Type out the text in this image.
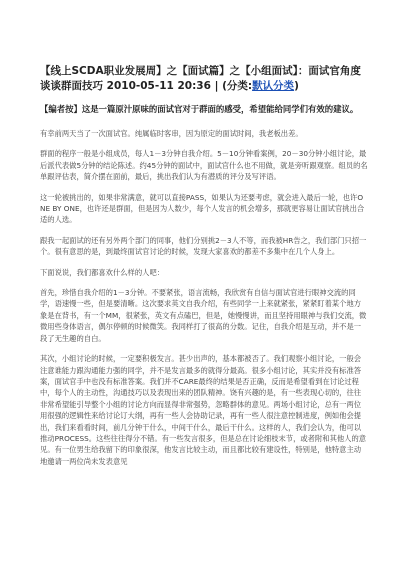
【线上SCDA职业发展周】之【面试篇】之【小组面试】：面试官角度谈谈群面技巧 2010-05-11 20:36 | (分类:默认分类)
【编者按】这是一篇原汁原味的面试官对于群面的感受，希望能给同学们有效的建议。
有幸前两天当了一次面试官。纯属临时客串，因为原定的面试时间，我老板出差。
群面的程序一般是小组成员，每人1－3分钟自我介绍。5－10分钟看案例，20－30分钟小组讨论，最后派代表做5分钟的结论陈述。约45分钟的面试中，面试官什么也不用做，就是旁听跟观察。组员的名单跟评估表，简介摆在面前，最后，挑出我们认为有潜质的评分及写评语。
这一轮被挑出的，如果非常满意，就可以直接PASS，如果认为还要考虑，就会进入最后一轮，也许ONE BY ONE，也许还是群面，但是因为人数少，每个人发言的机会增多，那就更容易让面试官挑出合适的人选。
跟我一起面试的还有另外两个部门的同事，他们分别挑2－3人不等，而我被HR告之，我们部门只招一个。很有意思的是，到最终面试官讨论的时候，发现大家喜欢的都差不多集中在几个人身上。
下面说说，我们都喜欢什么样的人吧：
首先，珍惜自我介绍的1－3分钟。不要紧张，语言流畅，我欣赏有自信与面试官进行眼神交流的同学，语速慢一些，但是要清晰。这次要求英文自我介绍，有些同学一上来就紧张，紧紧盯着某个地方象是在背书，有一个MM，很紧张，英文有点磕巴，但是，她慢慢讲，而且坚持用眼神与我们交流，微微用些身体语言，偶尔停顿的时候微笑。我同样打了很高的分数。记住，自我介绍是互动，并不是一段了无生趣的自白。
其次，小组讨论的时候，一定要积极发言。甚少出声的，基本都被否了。我们观察小组讨论，一般会注意谁能力跟沟通能力强的同学，并不是发言最多的就得分最高。很多小组讨论，其实并没有标准答案，面试官手中也没有标准答案。我们并不CARE最终的结果是否正确，反而是希望看到在讨论过程中，每个人的主动性，沟通技巧以及表现出来的团队精神。饶有兴趣的是，有一些表现心切的，往往非常希望能引导整个小组的讨论方向而显得非常强势，忽略群体的意见。两场小组讨论，总有一两位用很强的逻辑性来给讨论订大纲，再有一些人会协助记录，再有一些人很注意控制进度，例如他会提出，我们来看看时间，前几分钟干什么，中间干什么，最后干什么。这样的人，我们会认为，他可以推动PROCESS。这些往往得分不错。有一些发言很多，但是总在讨论细枝末节，或者附和其他人的意见。有一位男生给我留下的印象很深，他发言比较主动，而且都比较有建设性，特别是，他特意主动地邀请一两位尚未发表意见
